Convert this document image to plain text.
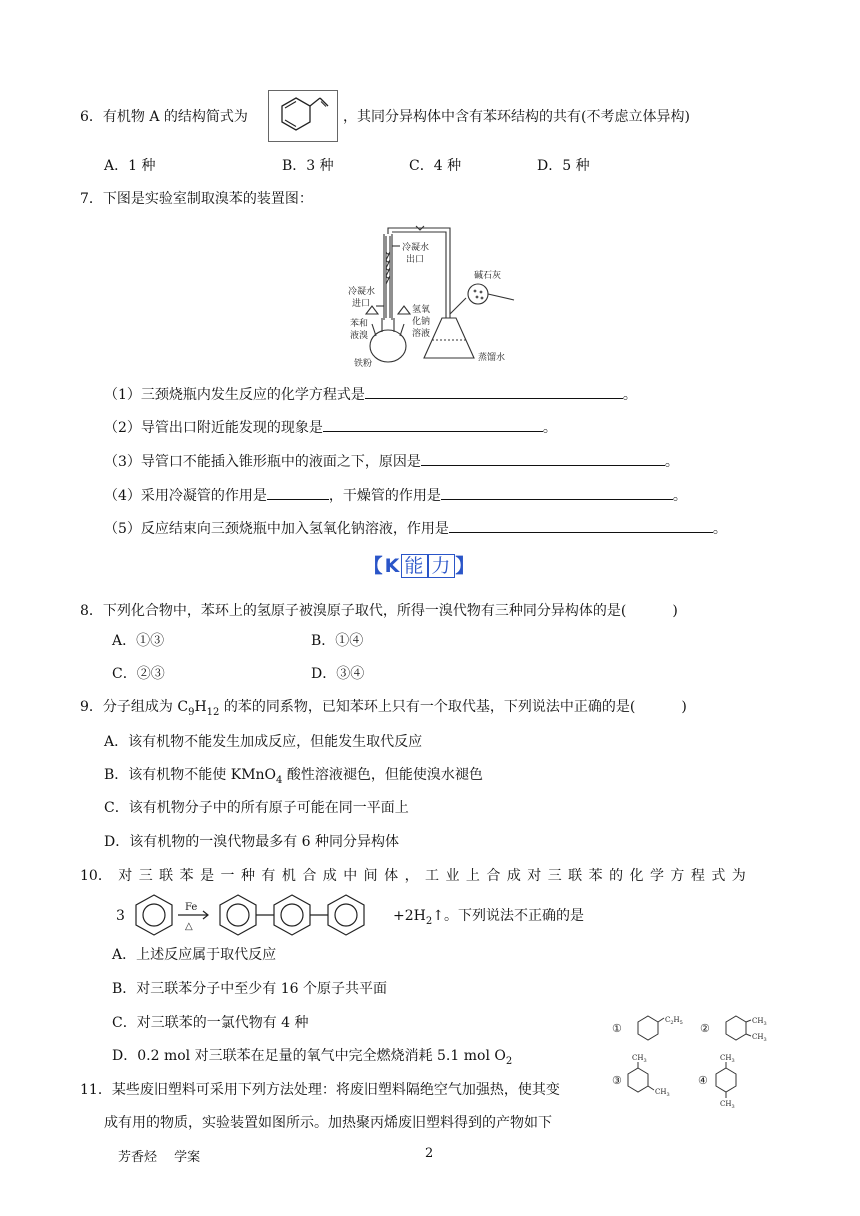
6．有机物 A 的结构简式为	，其同分异构体中含有苯环结构的共有(不考虑立体异构)
A．1 种	B．3 种	C．4 种	D．5 种
7．下图是实验室制取溴苯的装置图：
冷凝水
出口
冷凝水
进口
苯和
液溴
氢氧
化钠
溶液
碱石灰
铁粉
蒸馏水
（1）三颈烧瓶内发生反应的化学方程式是	。
（2）导管出口附近能发现的现象是	。
（3）导管口不能插入锥形瓶中的液面之下，原因是	。
（4）采用冷凝管的作用是	，干燥管的作用是	。
（5）反应结束向三颈烧瓶中加入氢氧化钠溶液，作用是	。
【K 能 力 】
8．下列化合物中，苯环上的氢原子被溴原子取代，所得一溴代物有三种同分异构体的是(	)
A．①③	B．①④
C．②③	D．③④
9．分子组成为 $C_9H_{12}$ 的苯的同系物，已知苯环上只有一个取代基，下列说法中正确的是(	)
A．该有机物不能发生加成反应，但能发生取代反应
B．该有机物不能使 KMnO$_4$ 酸性溶液褪色，但能使溴水褪色
C．该有机物分子中的所有原子可能在同一平面上
D．该有机物的一溴代物最多有 6 种同分异构体
10． 对 三 联 苯 是 一 种 有 机 合 成 中 间 体 ， 工 业 上 合 成 对 三 联 苯 的 化 学 方 程 式 为
3
Fe
△
$+2H_2↑$。下列说法不正确的是
A．上述反应属于取代反应
B．对三联苯分子中至少有 16 个原子共平面
C．对三联苯的一氯代物有 4 种
D．0.2 mol 对三联苯在足量的氧气中完全燃烧消耗 5.1 mol $O_2$
①	②
③	④
$C_2H_5$	$CH_3$
$CH_3$
$CH_3$
$CH_3$
$CH_3$
$CH_3$
11．某些废旧塑料可采用下列方法处理：将废旧塑料隔绝空气加强热，使其变
成有用的物质，实验装置如图所示。加热聚丙烯废旧塑料得到的产物如下
芳香烃　 学案	2
